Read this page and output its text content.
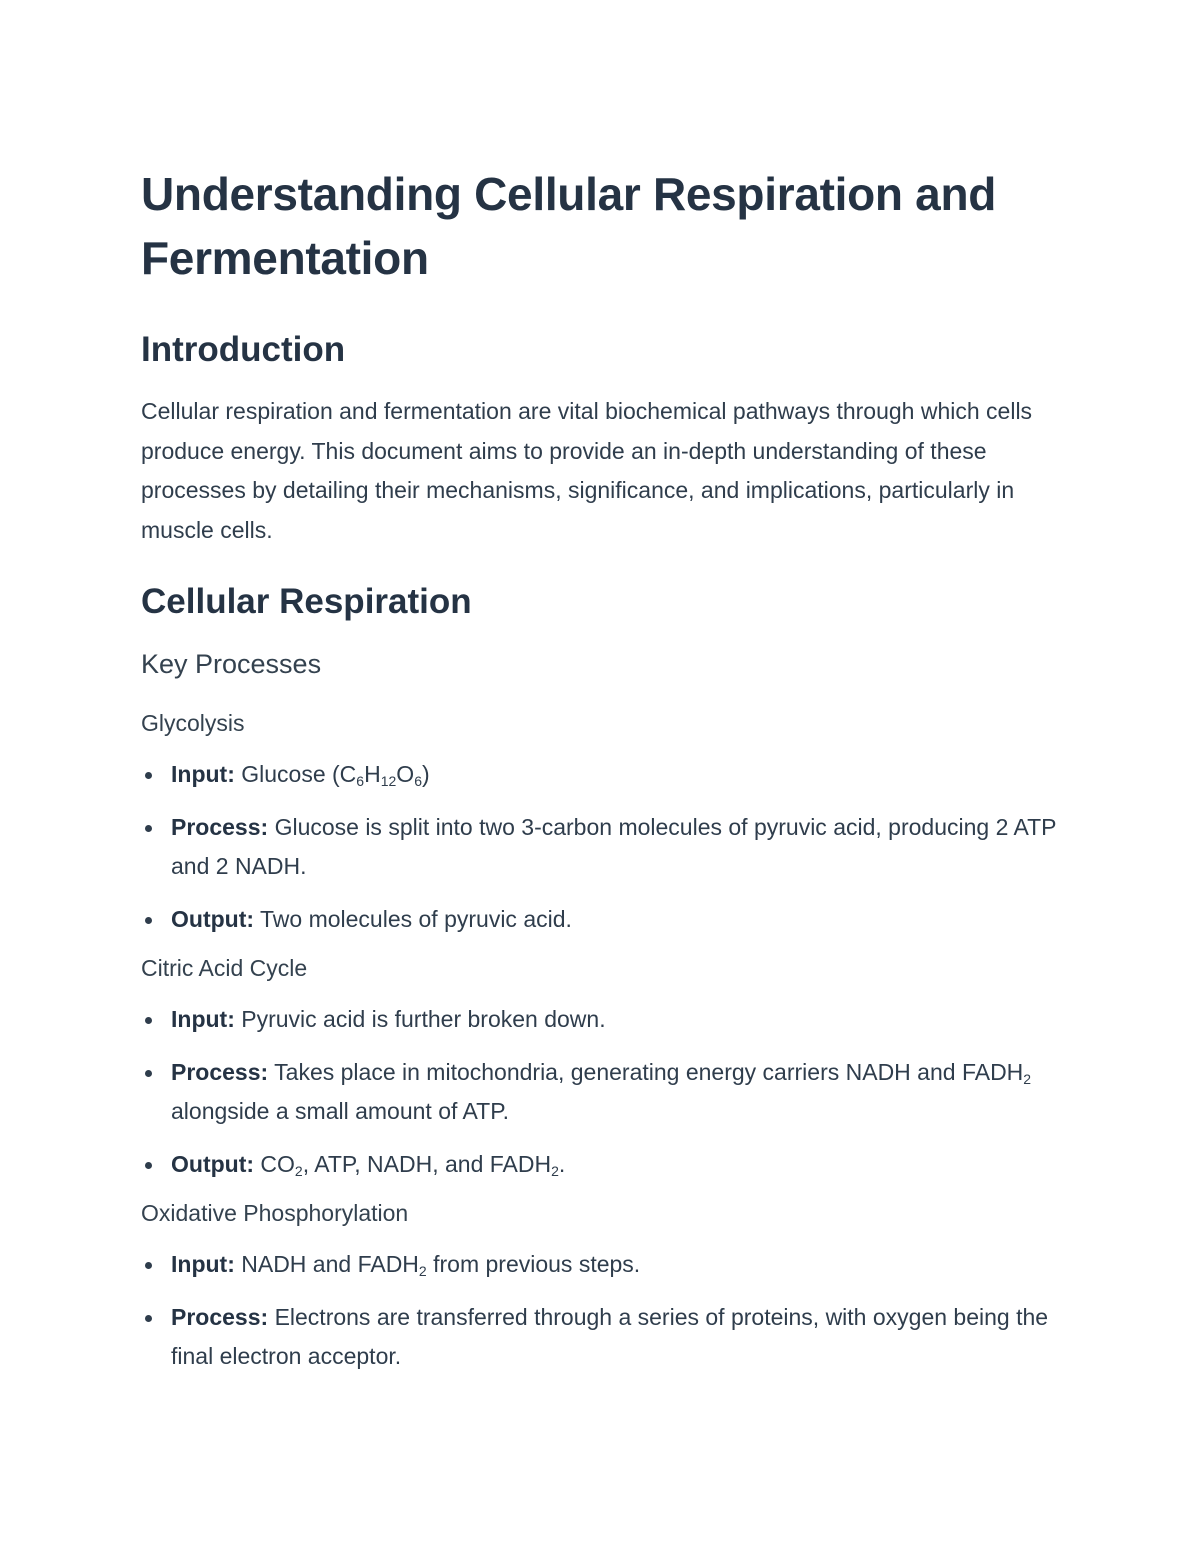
Understanding Cellular Respiration and Fermentation
Introduction

Cellular respiration and fermentation are vital biochemical pathways through which cells produce energy. This document aims to provide an in-depth understanding of these processes by detailing their mechanisms, significance, and implications, particularly in muscle cells.

Cellular Respiration
Key Processes
Glycolysis
Input: Glucose $(C_6H_{12}O_6)$
Process: Glucose is split into two 3-carbon molecules of pyruvic acid, producing 2 ATP and 2 NADH.
Output: Two molecules of pyruvic acid.
Citric Acid Cycle
Input: Pyruvic acid is further broken down.
Process: Takes place in mitochondria, generating energy carriers NADH and $FADH_2$ alongside a small amount of ATP.
Output: $CO_2$, ATP, NADH, and $FADH_2$.
Oxidative Phosphorylation
Input: NADH and $FADH_2$ from previous steps.
Process: Electrons are transferred through a series of proteins, with oxygen being the final electron acceptor.
